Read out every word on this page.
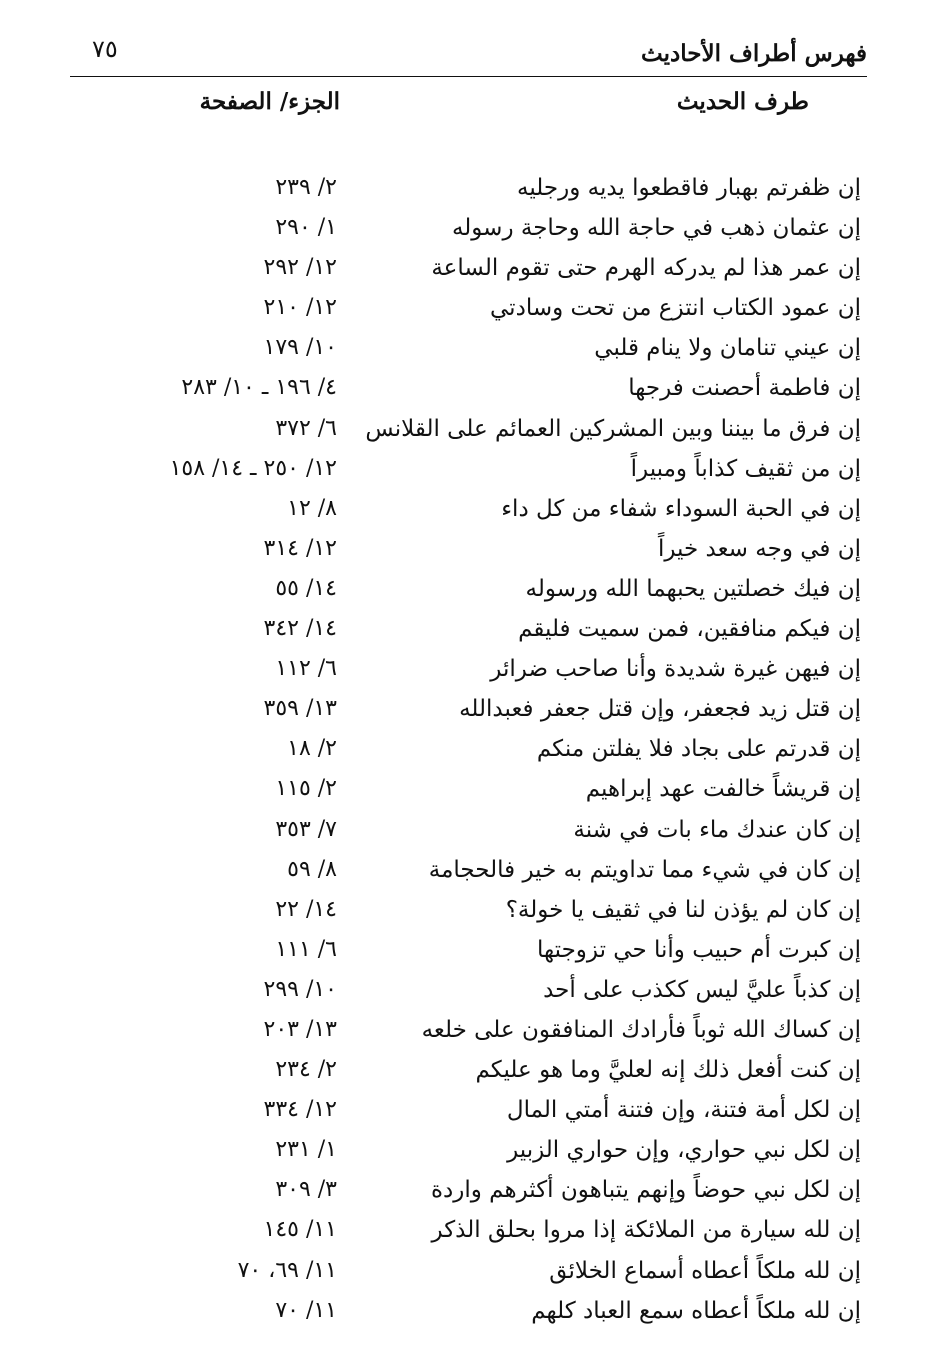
فهرس أطراف الأحاديث
٧٥
طرف الحديث
الجزء/ الصفحة
إن ظفرتم بهبار فاقطعوا يديه ورجليه
٢/ ٢٣٩
إن عثمان ذهب في حاجة الله وحاجة رسوله
١/ ٢٩٠
إن عمر هذا لم يدركه الهرم حتى تقوم الساعة
١٢/ ٢٩٢
إن عمود الكتاب انتزع من تحت وسادتي
١٢/ ٢١٠
إن عيني تنامان ولا ينام قلبي
١٠/ ١٧٩
إن فاطمة أحصنت فرجها
٤/ ١٩٦ ـ ١٠/ ٢٨٣
إن فرق ما بيننا وبين المشركين العمائم على القلانس
٦/ ٣٧٢
إن من ثقيف كذاباً ومبيراً
١٢/ ٢٥٠ ـ ١٤/ ١٥٨
إن في الحبة السوداء شفاء من كل داء
٨/ ١٢
إن في وجه سعد خيراً
١٢/ ٣١٤
إن فيك خصلتين يحبهما الله ورسوله
١٤/ ٥٥
إن فيكم منافقين، فمن سميت فليقم
١٤/ ٣٤٢
إن فيهن غيرة شديدة وأنا صاحب ضرائر
٦/ ١١٢
إن قتل زيد فجعفر، وإن قتل جعفر فعبدالله
١٣/ ٣٥٩
إن قدرتم على بجاد فلا يفلتن منكم
٢/ ١٨
إن قريشاً خالفت عهد إبراهيم
٢/ ١١٥
إن كان عندك ماء بات في شنة
٧/ ٣٥٣
إن كان في شيء مما تداويتم به خير فالحجامة
٨/ ٥٩
إن كان لم يؤذن لنا في ثقيف يا خولة؟
١٤/ ٢٢
إن كبرت أم حبيب وأنا حي تزوجتها
٦/ ١١١
إن كذباً عليَّ ليس ككذب على أحد
١٠/ ٢٩٩
إن كساك الله ثوباً فأرادك المنافقون على خلعه
١٣/ ٢٠٣
إن كنت أفعل ذلك إنه لعليَّ وما هو عليكم
٢/ ٢٣٤
إن لكل أمة فتنة، وإن فتنة أمتي المال
١٢/ ٣٣٤
إن لكل نبي حواري، وإن حواري الزبير
١/ ٢٣١
إن لكل نبي حوضاً وإنهم يتباهون أكثرهم واردة
٣/ ٣٠٩
إن لله سيارة من الملائكة إذا مروا بحلق الذكر
١١/ ١٤٥
إن لله ملكاً أعطاه أسماع الخلائق
١١/ ٦٩، ٧٠
إن لله ملكاً أعطاه سمع العباد كلهم
١١/ ٧٠
